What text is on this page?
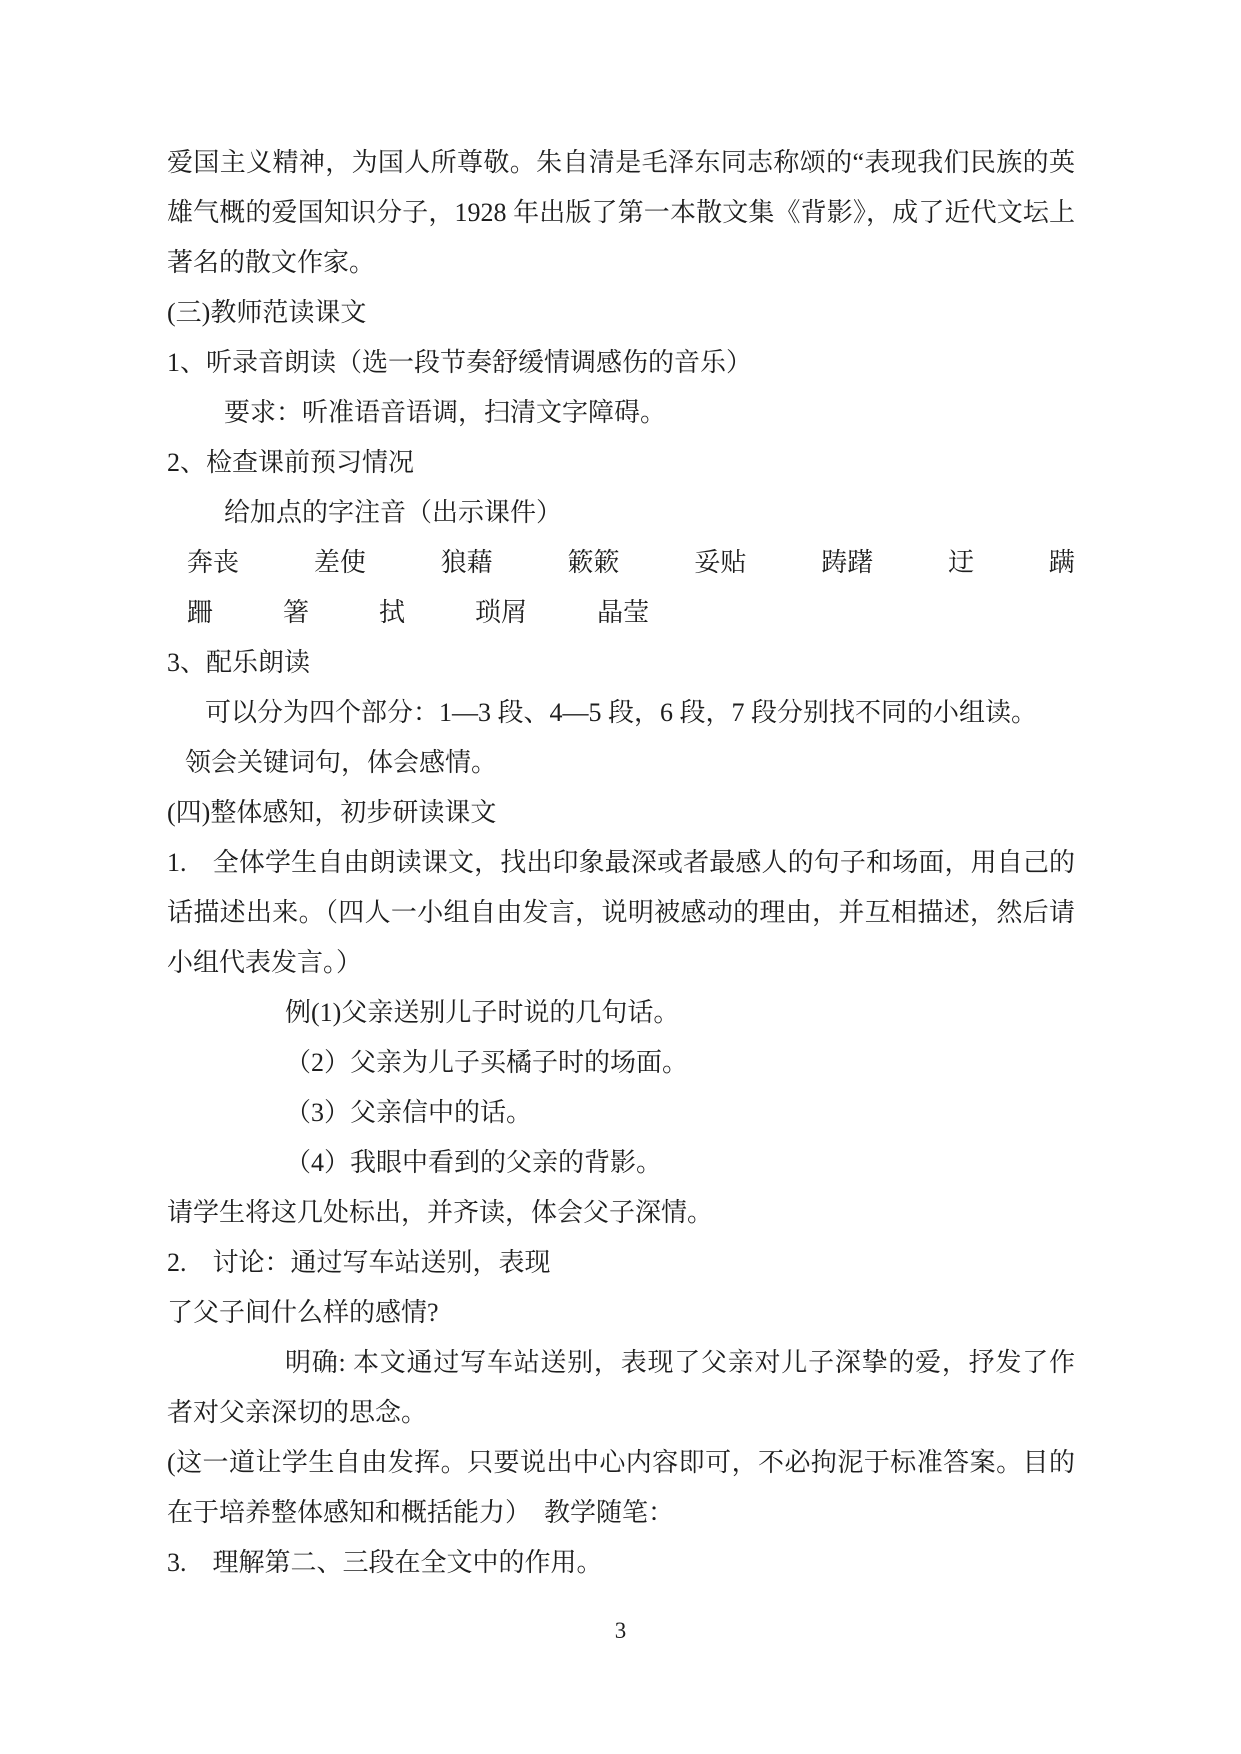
爱国主义精神，为国人所尊敬。朱自清是毛泽东同志称颂的“表现我们民族的英雄气概的爱国知识分子，1928 年出版了第一本散文集《背影》，成了近代文坛上著名的散文作家。

(三)教师范读课文

1、听录音朗读（选一段节奏舒缓情调感伤的音乐）

要求：听准语音语调，扫清文字障碍。

2、检查课前预习情况

给加点的字注音（出示课件）

奔丧	差使	狼藉	簌簌	妥贴	踌躇	迂	蹒
跚	箸	拭	琐屑	晶莹

3、配乐朗读

可以分为四个部分：1—3 段、4—5 段，6 段，7 段分别找不同的小组读。

领会关键词句，体会感情。

(四)整体感知，初步研读课文

1.　全体学生自由朗读课文，找出印象最深或者最感人的句子和场面，用自己的话描述出来。（四人一小组自由发言，说明被感动的理由，并互相描述，然后请小组代表发言。）

例(1)父亲送别儿子时说的几句话。

（2）父亲为儿子买橘子时的场面。

（3）父亲信中的话。

（4）我眼中看到的父亲的背影。

请学生将这几处标出，并齐读，体会父子深情。

2.　讨论：通过写车站送别，表现

了父子间什么样的感情?

明确: 本文通过写车站送别，表现了父亲对儿子深挚的爱，抒发了作者对父亲深切的思念。

(这一道让学生自由发挥。只要说出中心内容即可，不必拘泥于标准答案。目的在于培养整体感知和概括能力）　教学随笔：

3.　理解第二、三段在全文中的作用。

3
